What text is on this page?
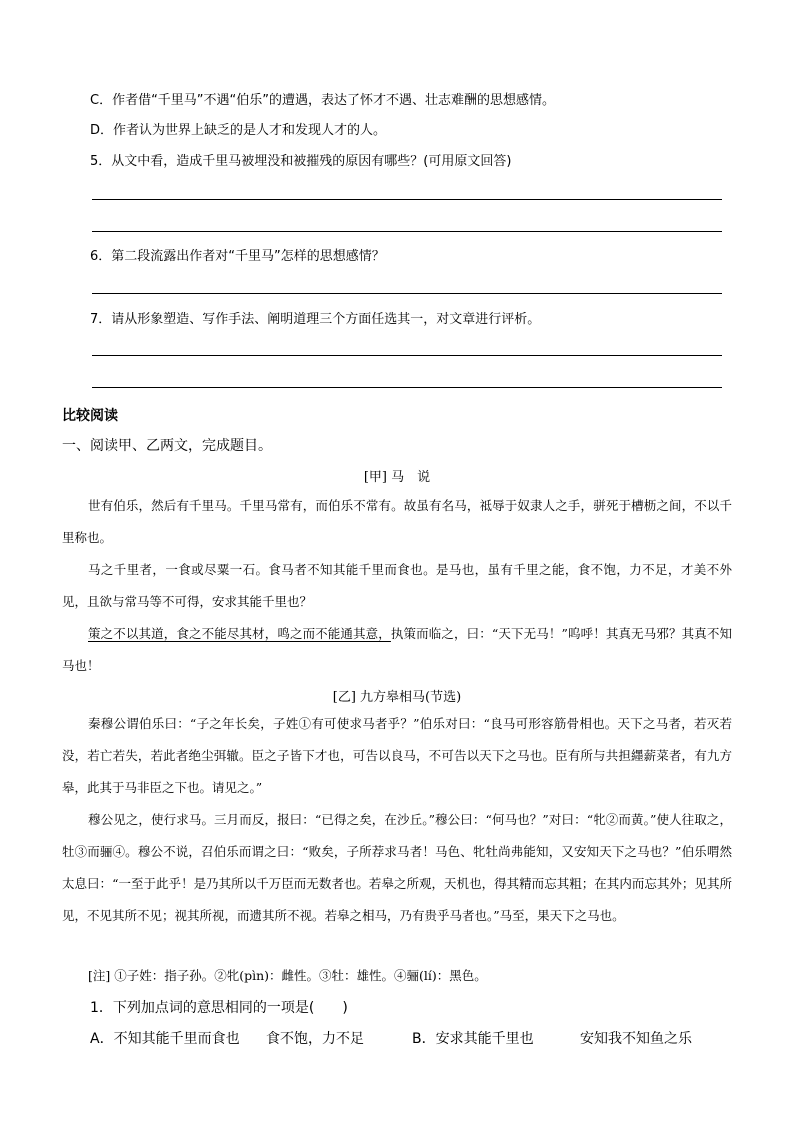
C．作者借“千里马”不遇“伯乐”的遭遇，表达了怀才不遇、壮志难酬的思想感情。
D．作者认为世界上缺乏的是人才和发现人才的人。
5．从文中看，造成千里马被埋没和被摧残的原因有哪些？(可用原文回答)
6．第二段流露出作者对“千里马”怎样的思想感情？
7．请从形象塑造、写作手法、阐明道理三个方面任选其一，对文章进行评析。
比较阅读
一、阅读甲、乙两文，完成题目。
[甲] 马　说

世有伯乐，然后有千里马。千里马常有，而伯乐不常有。故虽有名马，祗辱于奴隶人之手，骈死于槽枥之间，不以千里称也。

马之千里者，一食或尽粟一石。食马者不知其能千里而食也。是马也，虽有千里之能，食不饱，力不足，才美不外见，且欲与常马等不可得，安求其能千里也？

策之不以其道，食之不能尽其材，鸣之而不能通其意，执策而临之，曰：“天下无马！”呜呼！其真无马邪？其真不知马也！

[乙] 九方皋相马(节选)

秦穆公谓伯乐曰：“子之年长矣，子姓①有可使求马者乎？”伯乐对曰：“良马可形容筋骨相也。天下之马者，若灭若没，若亡若失，若此者绝尘弭辙。臣之子皆下才也，可告以良马，不可告以天下之马也。臣有所与共担纆薪菜者，有九方皋，此其于马非臣之下也。请见之。”

穆公见之，使行求马。三月而反，报曰：“已得之矣，在沙丘。”穆公曰：“何马也？”对曰：“牝②而黄。”使人往取之，牡③而骊④。穆公不说，召伯乐而谓之曰：“败矣，子所荐求马者！马色、牝牡尚弗能知，又安知天下之马也？”伯乐喟然太息曰：“一至于此乎！是乃其所以千万臣而无数者也。若皋之所观，天机也，得其精而忘其粗；在其内而忘其外；见其所见，不见其所不见；视其所视，而遗其所不视。若皋之相马，乃有贵乎马者也。”马至，果天下之马也。

[注] ①子姓：指子孙。②牝(pìn)：雌性。③牡：雄性。④骊(lí)：黑色。
1．下列加点词的意思相同的一项是(　　)
A．不知其能千里而食也 食不饱，力不足	B．安求其能千里也	安知我不知鱼之乐
